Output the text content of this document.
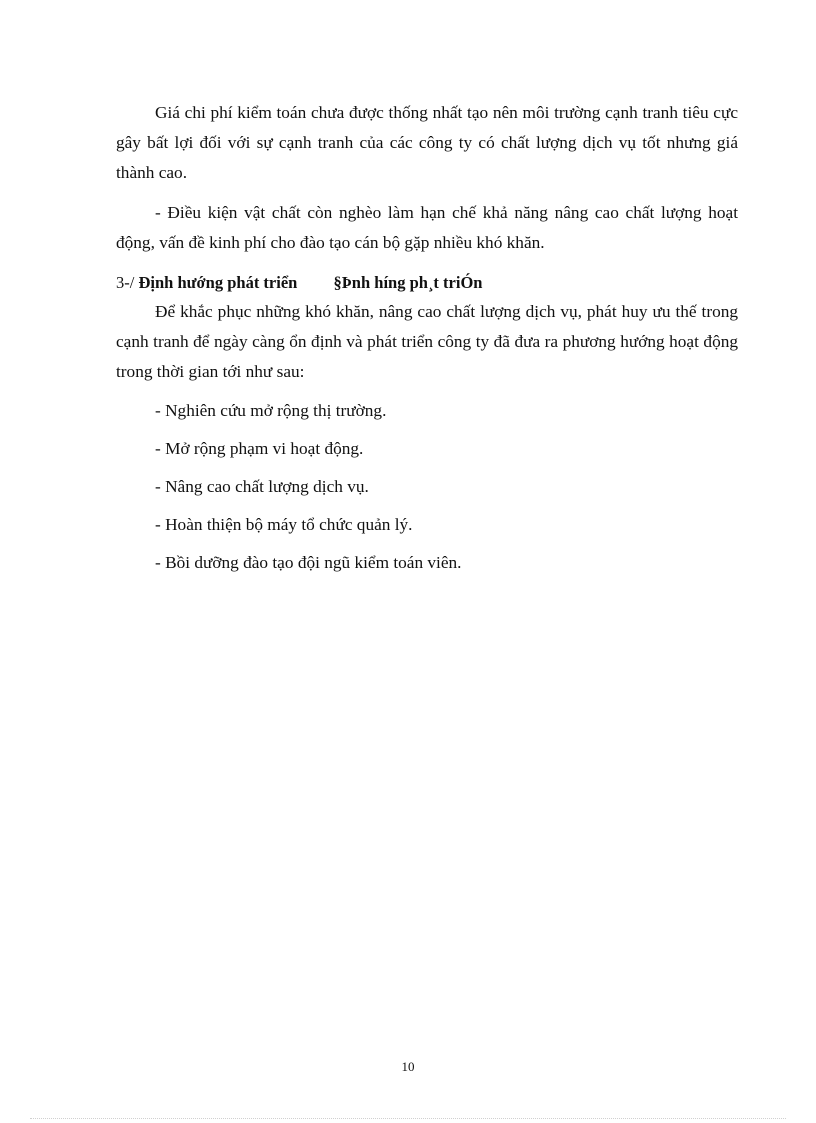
Giá chi phí kiểm toán chưa được thống nhất tạo nên môi trường cạnh tranh tiêu cực gây bất lợi đối với sự cạnh tranh của các công ty có chất lượng dịch vụ tốt nhưng giá thành cao.

- Điều kiện vật chất còn nghèo làm hạn chế khả năng nâng cao chất lượng hoạt động, vấn đề kinh phí cho đào tạo cán bộ gặp nhiều khó khăn.

3-/ Định hướng phát triển §Þnh híng ph¸t triÓn

Để khắc phục những khó khăn, nâng cao chất lượng dịch vụ, phát huy ưu thế trong cạnh tranh để ngày càng ổn định và phát triển công ty đã đưa ra phương hướng hoạt động trong thời gian tới như sau:

- Nghiên cứu mở rộng thị trường.
- Mở rộng phạm vi hoạt động.
- Nâng cao chất lượng dịch vụ.
- Hoàn thiện bộ máy tổ chức quản lý.
- Bồi dưỡng đào tạo đội ngũ kiểm toán viên.
10
